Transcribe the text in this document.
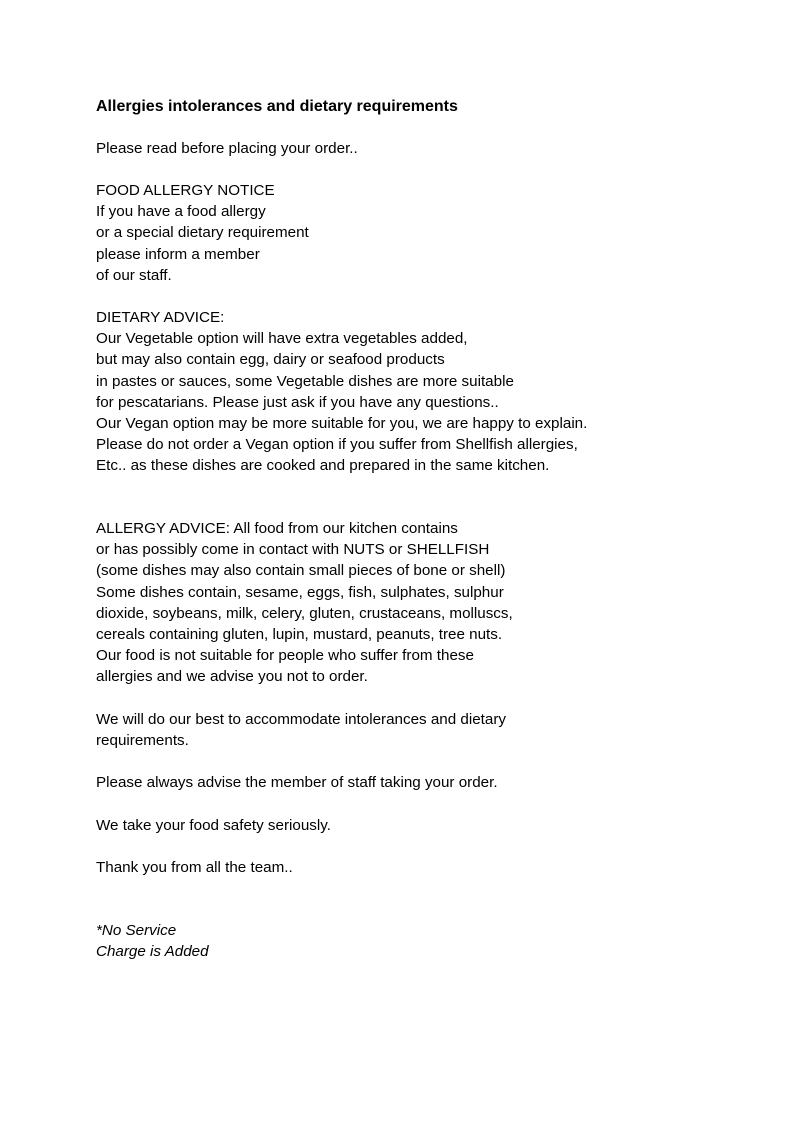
Allergies intolerances and dietary requirements
Please read before placing your order..
FOOD ALLERGY NOTICE
If you have a food allergy
or a special dietary requirement
please inform a member
of our staff.
DIETARY ADVICE:
Our Vegetable option will have extra vegetables added,
but may also contain egg, dairy or seafood products
in pastes or sauces, some Vegetable dishes are more suitable
for pescatarians. Please just ask if you have any questions..
Our Vegan option may be more suitable for you, we are happy to explain.
Please do not order a Vegan option if you suffer from Shellfish allergies,
Etc.. as these dishes are cooked and prepared in the same kitchen.
ALLERGY ADVICE: All food from our kitchen contains
or has possibly come in contact with NUTS or SHELLFISH
(some dishes may also contain small pieces of bone or shell)
Some dishes contain, sesame, eggs, fish, sulphates, sulphur
dioxide, soybeans, milk, celery, gluten, crustaceans, molluscs,
cereals containing gluten, lupin, mustard, peanuts, tree nuts.
Our food is not suitable for people who suffer from these
allergies and we advise you not to order.
We will do our best to accommodate intolerances and dietary
requirements.
Please always advise the member of staff taking your order.
We take your food safety seriously.
Thank you from all the team..
*No Service
Charge is Added
